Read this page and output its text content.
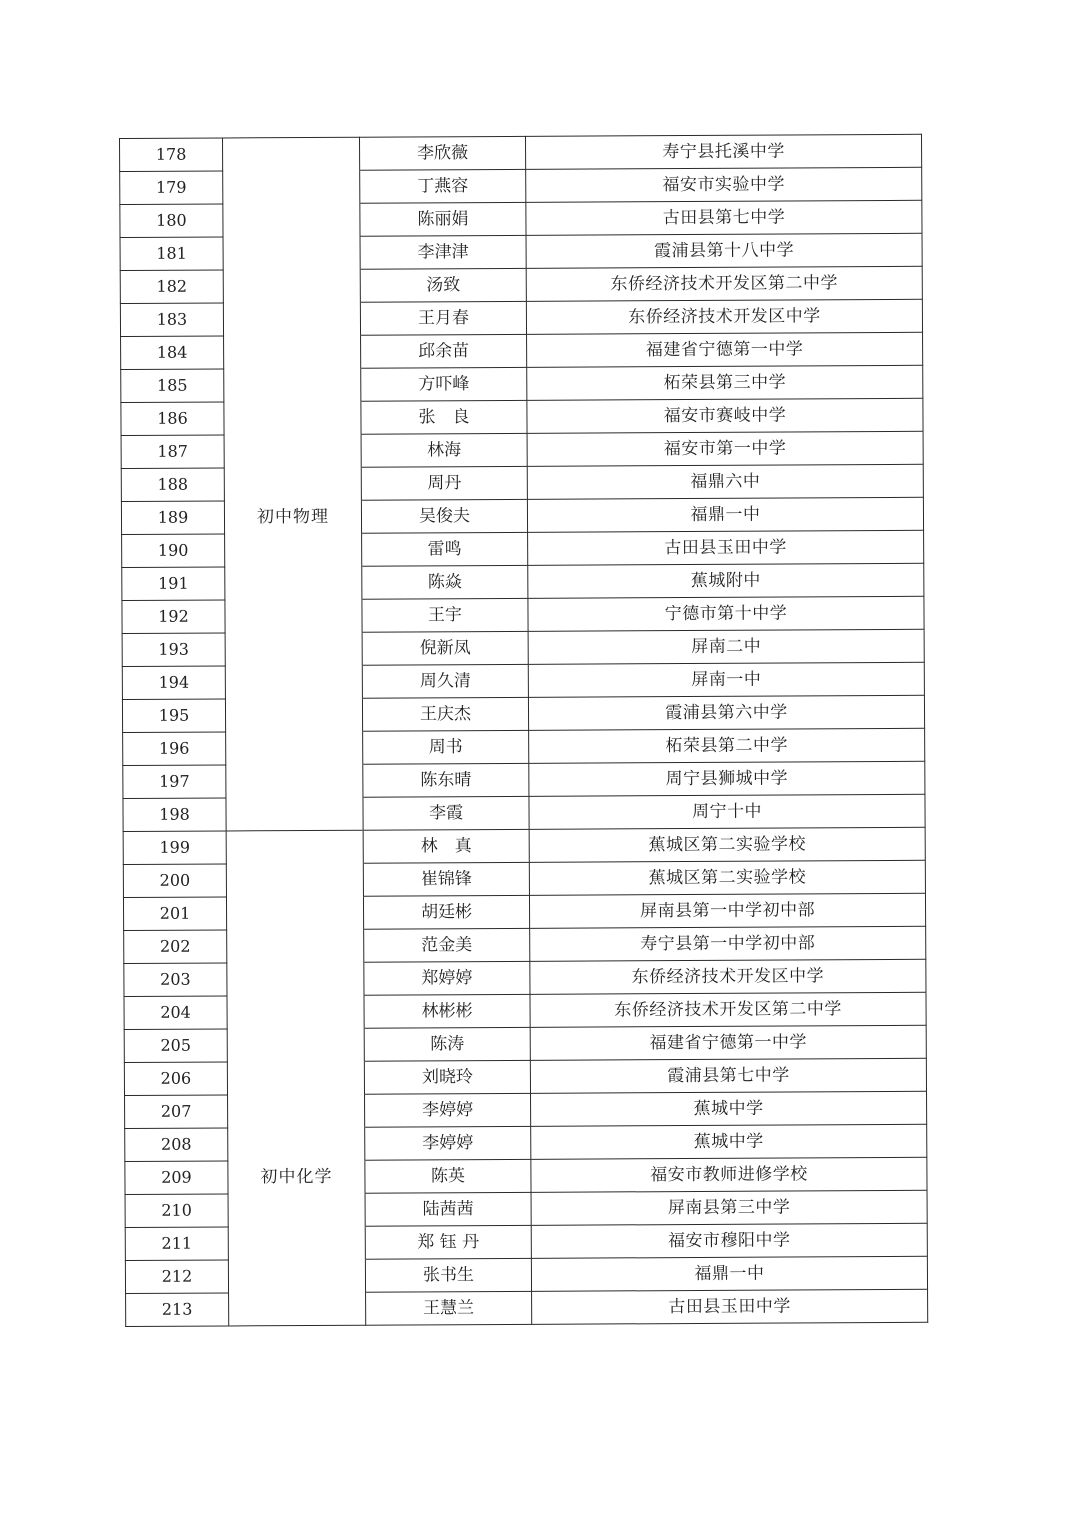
178		李欣薇	寿宁县托溪中学
179		丁燕容	福安市实验中学
180		陈丽娟	古田县第七中学
181		李津津	霞浦县第十八中学
182		汤致	东侨经济技术开发区第二中学
183		王月春	东侨经济技术开发区中学
184		邱余苗	福建省宁德第一中学
185		方吓峰	柘荣县第三中学
186		张　良	福安市赛岐中学
187		林海	福安市第一中学
188		周丹	福鼎六中
189	初中物理	吴俊夫	福鼎一中
190		雷鸣	古田县玉田中学
191		陈焱	蕉城附中
192		王宇	宁德市第十中学
193		倪新凤	屏南二中
194		周久清	屏南一中
195		王庆杰	霞浦县第六中学
196		周书	柘荣县第二中学
197		陈东晴	周宁县狮城中学
198		李霞	周宁十中
199		林　真	蕉城区第二实验学校
200		崔锦锋	蕉城区第二实验学校
201		胡廷彬	屏南县第一中学初中部
202		范金美	寿宁县第一中学初中部
203		郑婷婷	东侨经济技术开发区中学
204		林彬彬	东侨经济技术开发区第二中学
205		陈涛	福建省宁德第一中学
206		刘晓玲	霞浦县第七中学
207		李婷婷	蕉城中学
208		李婷婷	蕉城中学
209	初中化学	陈英	福安市教师进修学校
210		陆茜茜	屏南县第三中学
211		郑 钰 丹	福安市穆阳中学
212		张书生	福鼎一中
213		王慧兰	古田县玉田中学
